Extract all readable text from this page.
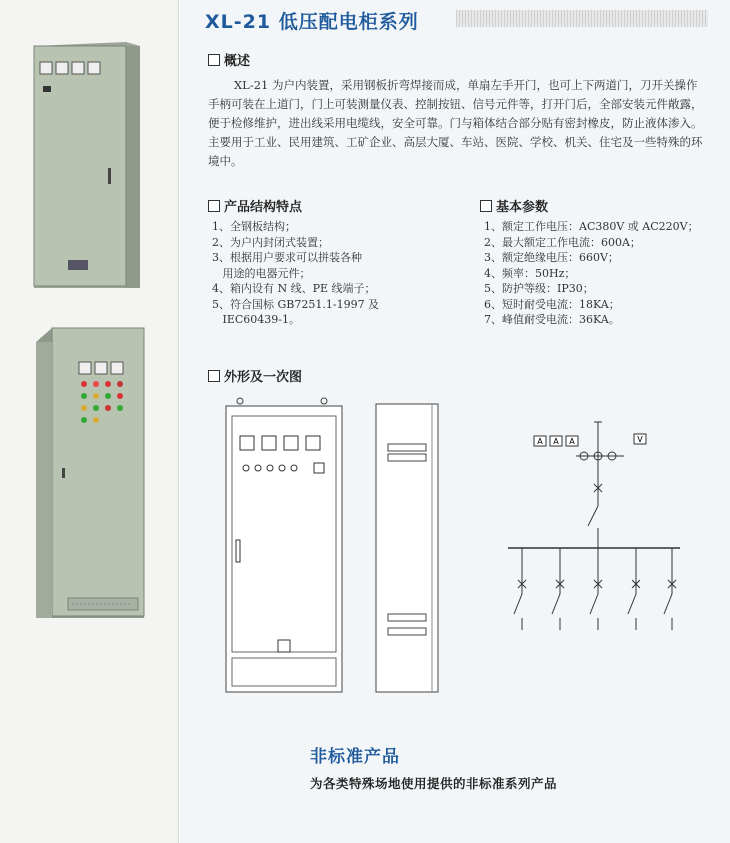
XL-21 低压配电柜系列
概述
XL-21 为户内装置，采用钢板折弯焊接而成，单扇左手开门，也可上下两道门，刀开关操作手柄可装在上道门，门上可装测量仪表、控制按钮、信号元件等，打开门后，全部安装元件敞露，便于检修维护，进出线采用电缆线，安全可靠。门与箱体结合部分贴有密封橡皮，防止液体渗入。主要用于工业、民用建筑、工矿企业、高层大厦、车站、医院、学校、机关、住宅及一些特殊的环境中。
产品结构特点
1、全钢板结构；
2、为户内封闭式装置；
3、根据用户要求可以拼装各种
用途的电器元件；
4、箱内设有 N 线、PE 线端子；
5、符合国标 GB7251.1-1997 及
IEC60439-1。
基本参数
1、额定工作电压：AC380V 或 AC220V；
2、最大额定工作电流：600A；
3、额定绝缘电压：660V；
4、频率：50Hz；
5、防护等级：IP30；
6、短时耐受电流：18KA；
7、峰值耐受电流：36KA。
外形及一次图
A A A	V
非标准产品
为各类特殊场地使用提供的非标准系列产品
